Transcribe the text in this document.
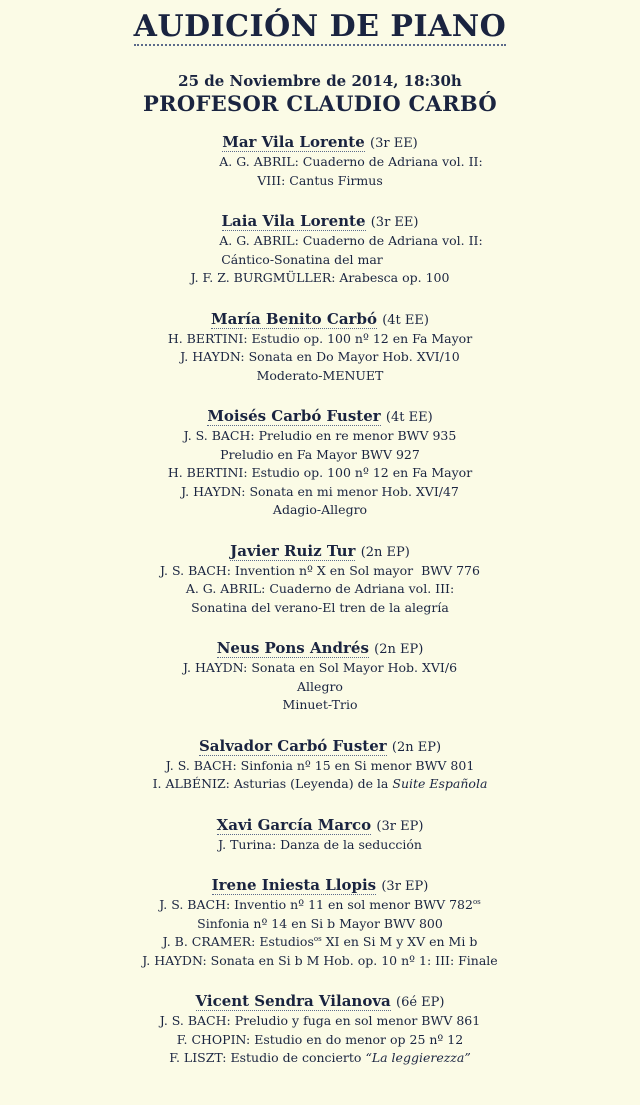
AUDICIÓN DE PIANO
25 de Noviembre de 2014, 18:30h
PROFESOR CLAUDIO CARBÓ
Mar Vila Lorente (3r EE)
A. G. ABRIL: Cuaderno de Adriana vol. II:
VIII: Cantus Firmus
Laia Vila Lorente (3r EE)
A. G. ABRIL: Cuaderno de Adriana vol. II:
Cántico-Sonatina del mar
J. F. Z. BURGMÜLLER: Arabesca op. 100
María Benito Carbó (4t EE)
H. BERTINI: Estudio op. 100 nº 12 en Fa Mayor
J. HAYDN: Sonata en Do Mayor Hob. XVI/10
Moderato-MENUET
Moisés Carbó Fuster (4t EE)
J. S. BACH: Preludio en re menor BWV 935
Preludio en Fa Mayor BWV 927
H. BERTINI: Estudio op. 100 nº 12 en Fa Mayor
J. HAYDN: Sonata en mi menor Hob. XVI/47
Adagio-Allegro
Javier Ruiz Tur (2n EP)
J. S. BACH: Invention nº X en Sol mayor  BWV 776
A. G. ABRIL: Cuaderno de Adriana vol. III:
Sonatina del verano-El tren de la alegría
Neus Pons Andrés (2n EP)
J. HAYDN: Sonata en Sol Mayor Hob. XVI/6
Allegro
Minuet-Trio
Salvador Carbó Fuster (2n EP)
J. S. BACH: Sinfonia nº 15 en Si menor BWV 801
I. ALBÉNIZ: Asturias (Leyenda) de la Suite Española
Xavi García Marco (3r EP)
J. Turina: Danza de la seducción
Irene Iniesta Llopis (3r EP)
J. S. BACH: Inventio nº 11 en sol menor BWV $782^{os}$
Sinfonia nº 14 en Si b Mayor BWV 800
J. B. CRAMER: Estudios$^{os}$ XI en Si M y XV en Mi b
J. HAYDN: Sonata en Si b M Hob. op. 10 nº 1: III: Finale
Vicent Sendra Vilanova (6é EP)
J. S. BACH: Preludio y fuga en sol menor BWV 861
F. CHOPIN: Estudio en do menor op 25 nº 12
F. LISZT: Estudio de concierto “La leggierezza”
